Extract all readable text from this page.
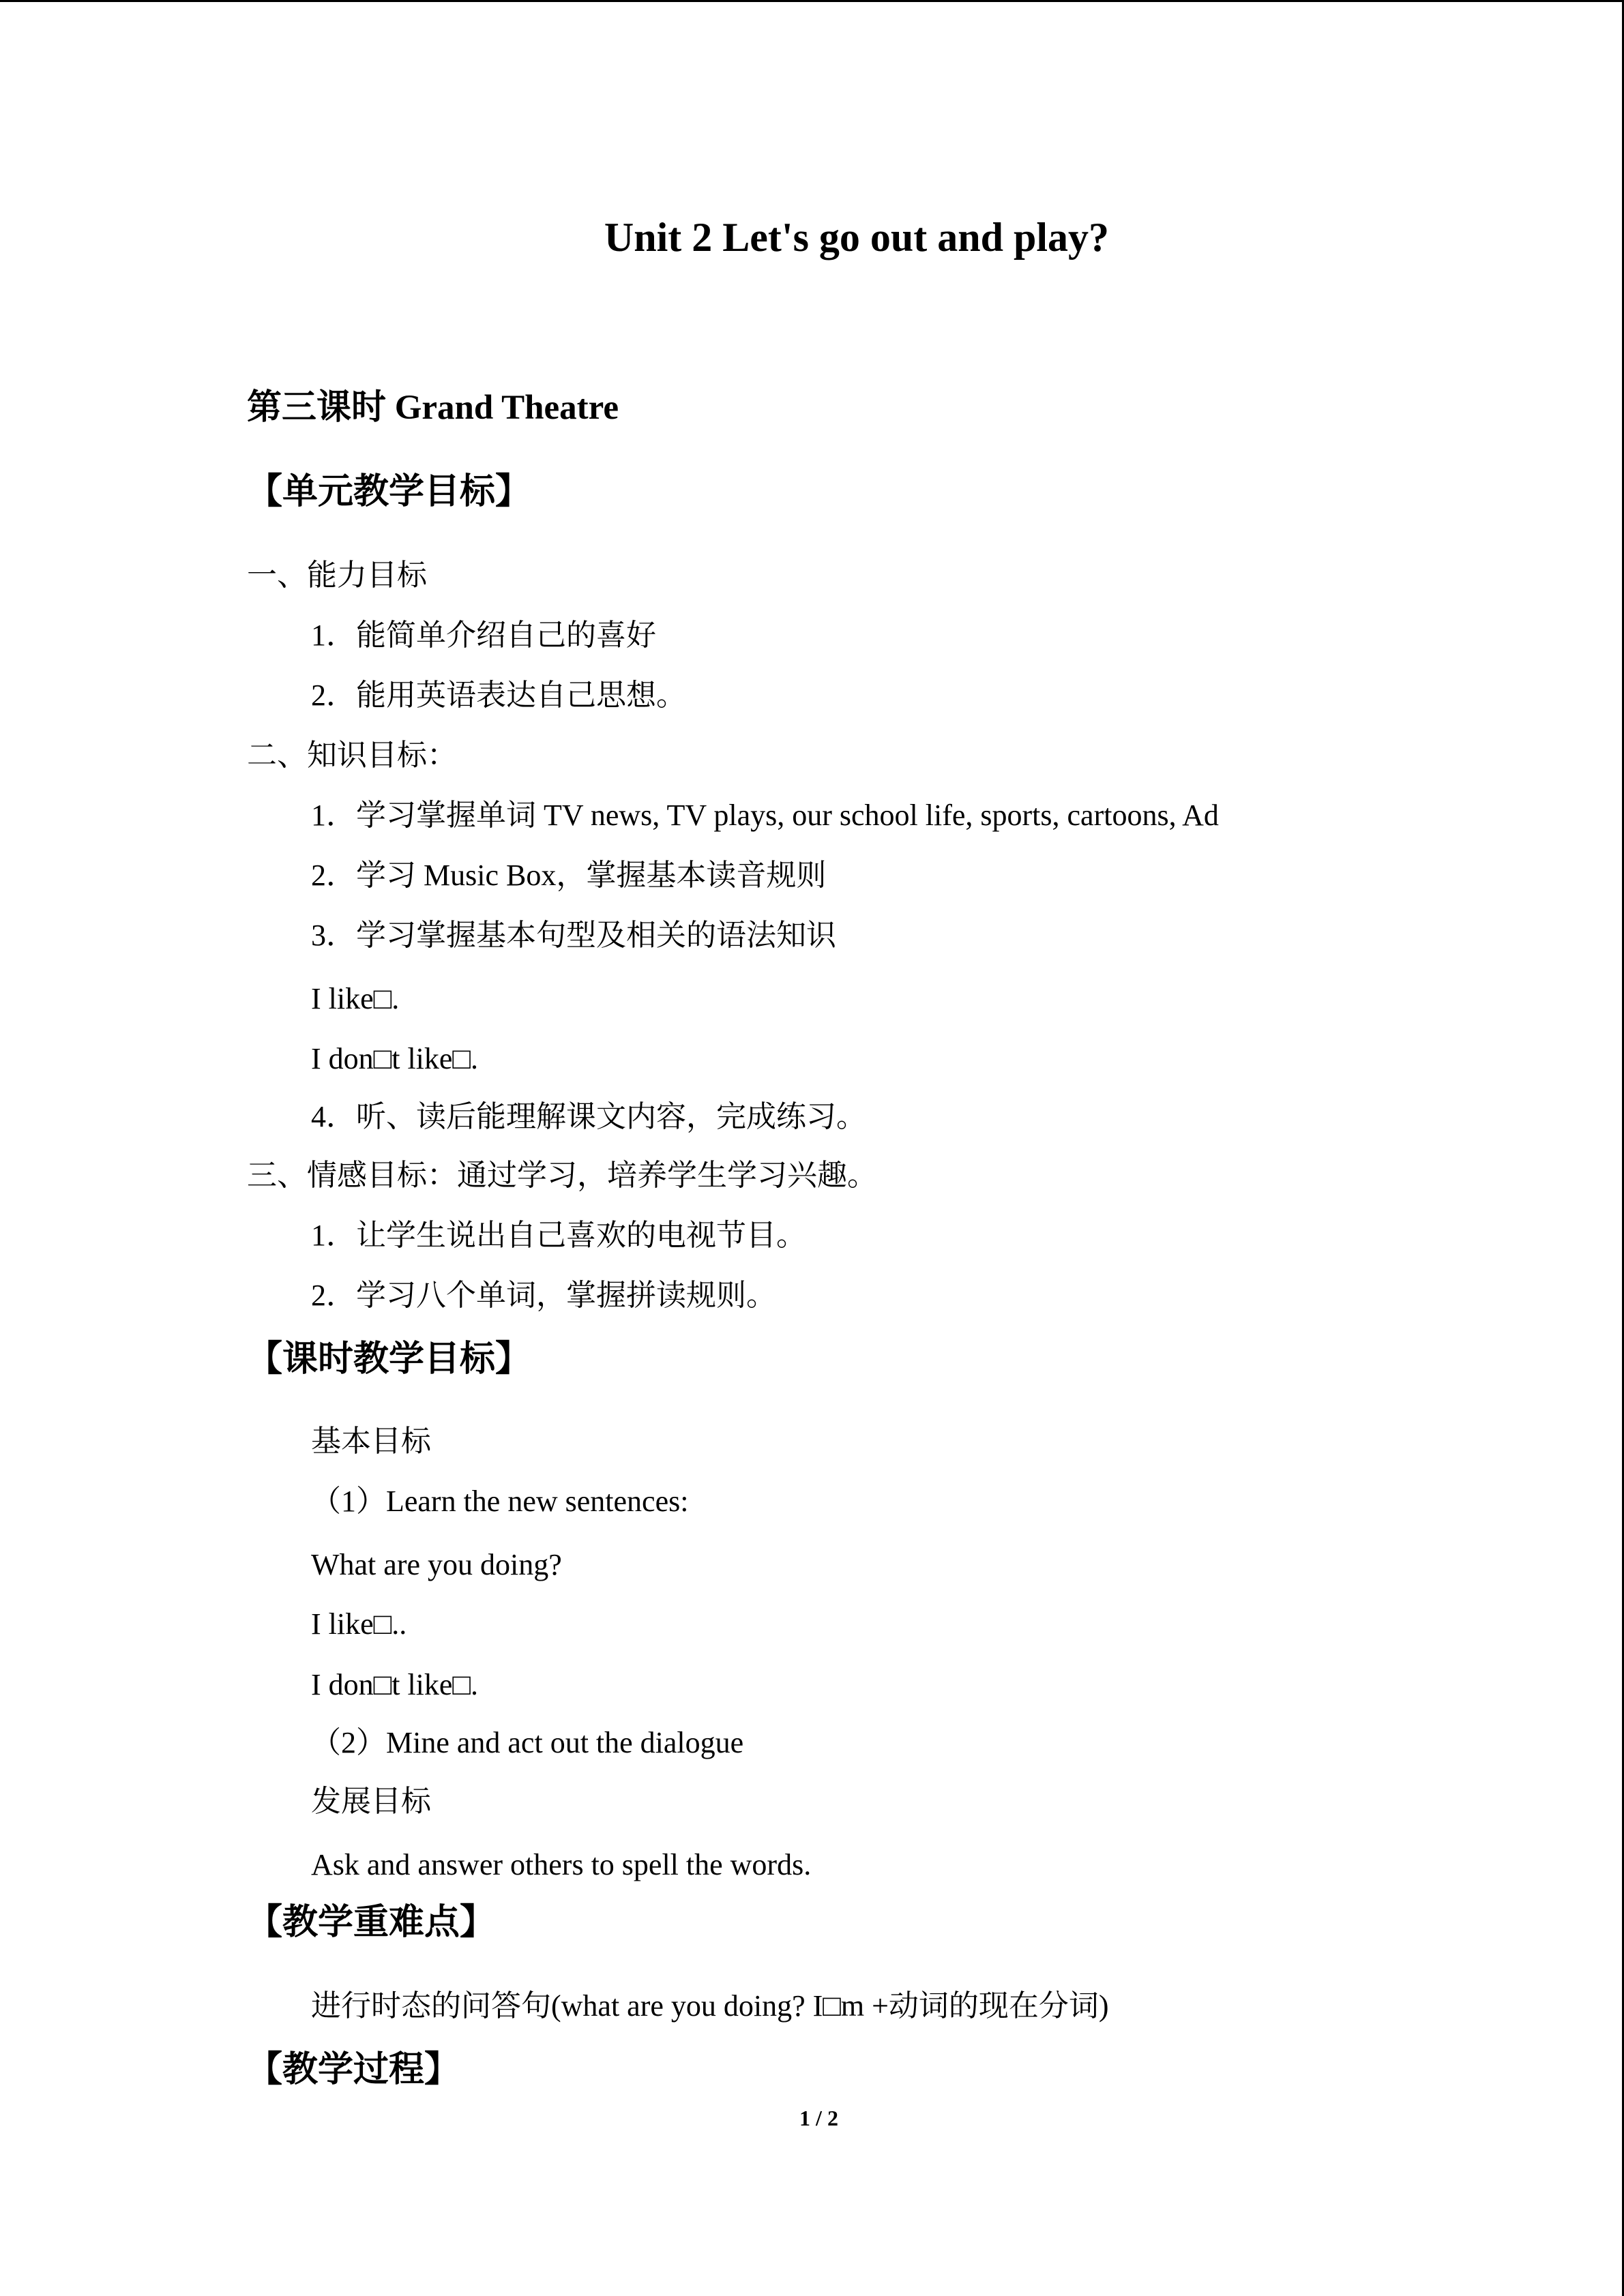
Unit 2 Let's go out and play?
第三课时 Grand Theatre
【单元教学目标】
一、能力目标
1．能简单介绍自己的喜好
2．能用英语表达自己思想。
二、知识目标：
1．学习掌握单词 TV news, TV plays, our school life, sports, cartoons, Ad
2．学习 Music Box，掌握基本读音规则
3．学习掌握基本句型及相关的语法知识
I like□.
I don□t like□.
4．听、读后能理解课文内容，完成练习。
三、情感目标：通过学习，培养学生学习兴趣。
1．让学生说出自己喜欢的电视节目。
2．学习八个单词，掌握拼读规则。
【课时教学目标】
基本目标
（1）Learn the new sentences:
What are you doing?
I like□..
I don□t like□.
（2）Mine and act out the dialogue
发展目标
Ask and answer others to spell the words.
【教学重难点】
进行时态的问答句(what are you doing? I□m +动词的现在分词)
【教学过程】
1 / 2
